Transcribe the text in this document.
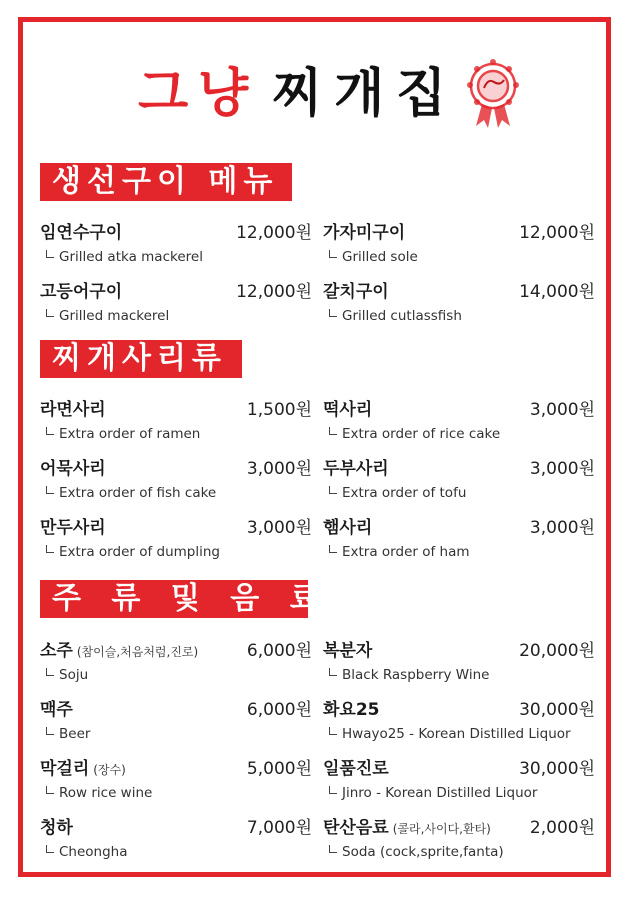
그 냥 찌 개 집
생선구이 메뉴
임연수구이	12,000원
Grilled atka mackerel
가자미구이	12,000원
Grilled sole
고등어구이	12,000원
Grilled mackerel
갈치구이	14,000원
Grilled cutlassfish
찌개사리류
라면사리	1,500원
Extra order of ramen
떡사리	3,000원
Extra order of rice cake
어묵사리	3,000원
Extra order of fish cake
두부사리	3,000원
Extra order of tofu
만두사리	3,000원
Extra order of dumpling
햄사리	3,000원
Extra order of ham
주 류 및 음 료
소주 (참이슬,처음처럼,진로)	6,000원
Soju
복분자	20,000원
Black Raspberry Wine
맥주	6,000원
Beer
화요25	30,000원
Hwayo25 - Korean Distilled Liquor
막걸리 (장수)	5,000원
Row rice wine
일품진로	30,000원
Jinro - Korean Distilled Liquor
청하	7,000원
Cheongha
탄산음료 (콜라,사이다,환타) 2,000원
Soda (cock,sprite,fanta)
